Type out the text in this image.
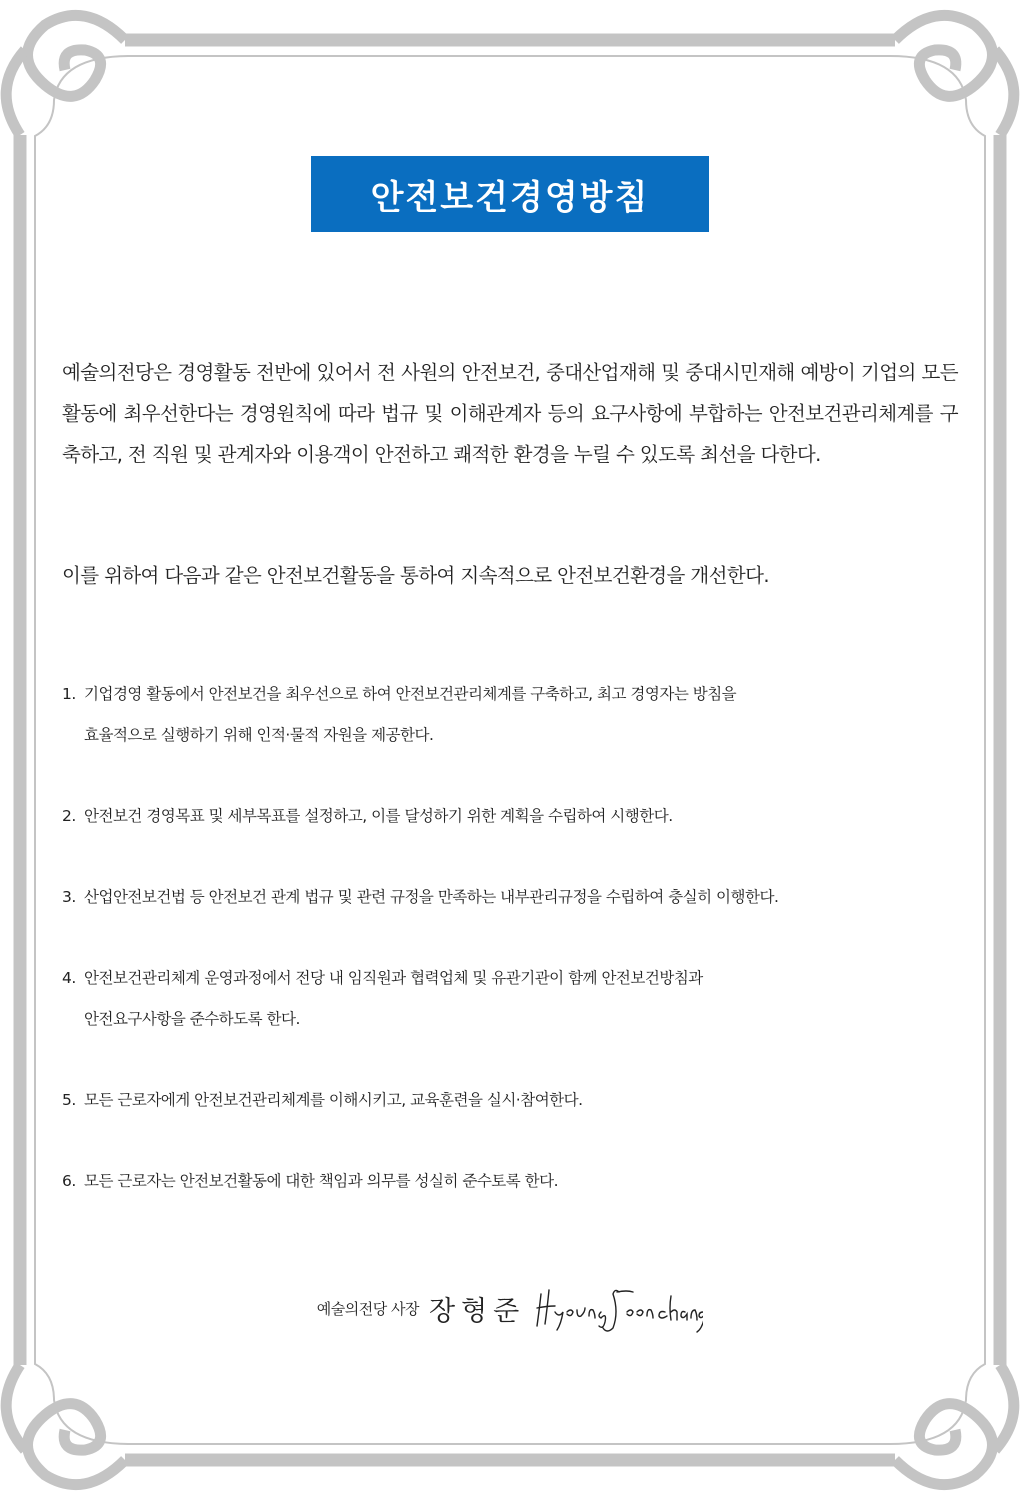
안전보건경영방침

예술의전당은 경영활동 전반에 있어서 전 사원의 안전보건, 중대산업재해 및 중대시민재해 예방이 기업의 모든 활동에 최우선한다는 경영원칙에 따라 법규 및 이해관계자 등의 요구사항에 부합하는 안전보건관리체계를 구축하고, 전 직원 및 관계자와 이용객이 안전하고 쾌적한 환경을 누릴 수 있도록 최선을 다한다.

이를 위하여 다음과 같은 안전보건활동을 통하여 지속적으로 안전보건환경을 개선한다.

1. 기업경영 활동에서 안전보건을 최우선으로 하여 안전보건관리체계를 구축하고, 최고 경영자는 방침을
효율적으로 실행하기 위해 인적·물적 자원을 제공한다.
2. 안전보건 경영목표 및 세부목표를 설정하고, 이를 달성하기 위한 계획을 수립하여 시행한다.
3. 산업안전보건법 등 안전보건 관계 법규 및 관련 규정을 만족하는 내부관리규정을 수립하여 충실히 이행한다.
4. 안전보건관리체계 운영과정에서 전당 내 임직원과 협력업체 및 유관기관이 함께 안전보건방침과
안전요구사항을 준수하도록 한다.
5. 모든 근로자에게 안전보건관리체계를 이해시키고, 교육훈련을 실시·참여한다.
6. 모든 근로자는 안전보건활동에 대한 책임과 의무를 성실히 준수토록 한다.
예술의전당 사장 장형준
